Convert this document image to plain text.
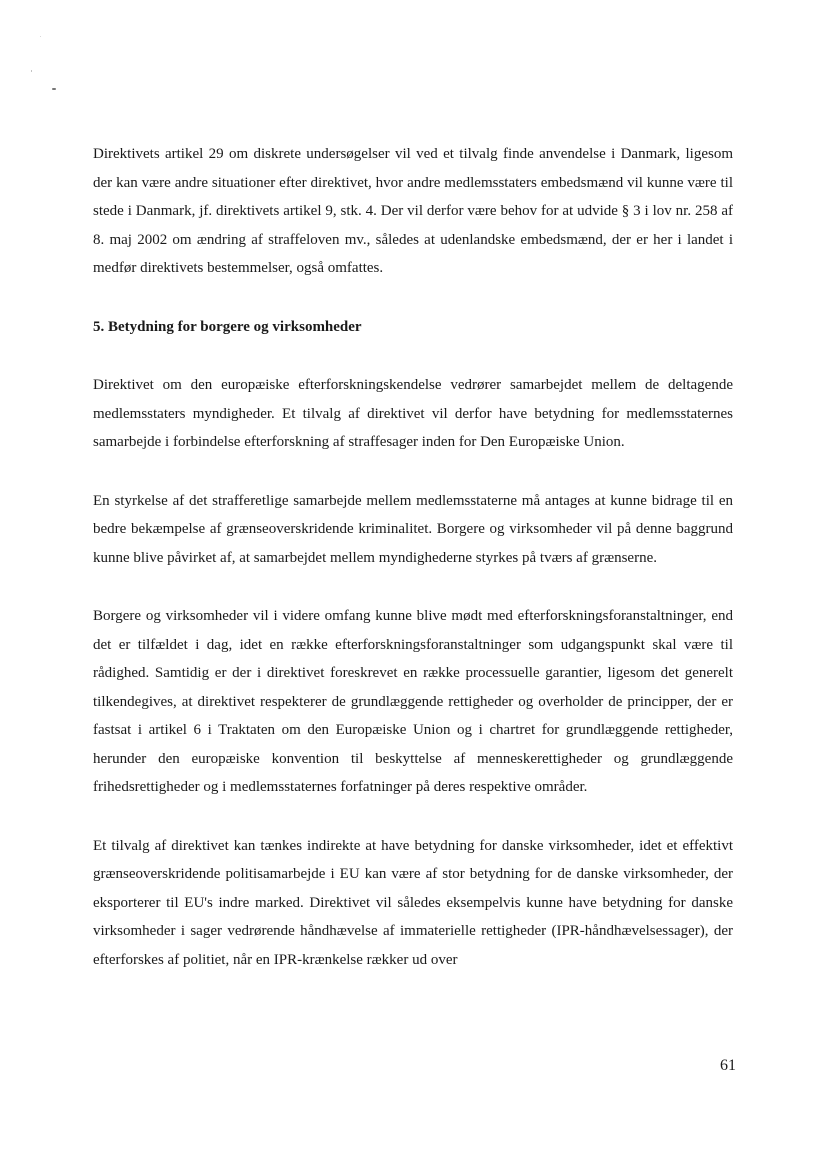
Direktivets artikel 29 om diskrete undersøgelser vil ved et tilvalg finde anvendelse i Danmark, ligesom der kan være andre situationer efter direktivet, hvor andre medlemsstaters embedsmænd vil kunne være til stede i Danmark, jf. direktivets artikel 9, stk. 4. Der vil derfor være behov for at udvide § 3 i lov nr. 258 af 8. maj 2002 om ændring af straffeloven mv., således at udenlandske embedsmænd, der er her i landet i medfør direktivets bestemmelser, også omfattes.

5. Betydning for borgere og virksomheder

Direktivet om den europæiske efterforskningskendelse vedrører samarbejdet mellem de deltagende medlemsstaters myndigheder. Et tilvalg af direktivet vil derfor have betydning for medlemsstaternes samarbejde i forbindelse efterforskning af straffesager inden for Den Europæiske Union.

En styrkelse af det strafferetlige samarbejde mellem medlemsstaterne må antages at kunne bidrage til en bedre bekæmpelse af grænseoverskridende kriminalitet. Borgere og virksomheder vil på denne baggrund kunne blive påvirket af, at samarbejdet mellem myndighederne styrkes på tværs af grænserne.

Borgere og virksomheder vil i videre omfang kunne blive mødt med efterforskningsforanstaltninger, end det er tilfældet i dag, idet en række efterforskningsforanstaltninger som udgangspunkt skal være til rådighed. Samtidig er der i direktivet foreskrevet en række processuelle garantier, ligesom det generelt tilkendegives, at direktivet respekterer de grundlæggende rettigheder og overholder de principper, der er fastsat i artikel 6 i Traktaten om den Europæiske Union og i chartret for grundlæggende rettigheder, herunder den europæiske konvention til beskyttelse af menneskerettigheder og grundlæggende frihedsrettigheder og i medlemsstaternes forfatninger på deres respektive områder.

Et tilvalg af direktivet kan tænkes indirekte at have betydning for danske virksomheder, idet et effektivt grænseoverskridende politisamarbejde i EU kan være af stor betydning for de danske virksomheder, der eksporterer til EU's indre marked. Direktivet vil således eksempelvis kunne have betydning for danske virksomheder i sager vedrørende håndhævelse af immaterielle rettigheder (IPR-håndhævelsessager), der efterforskes af politiet, når en IPR-krænkelse rækker ud over

61
